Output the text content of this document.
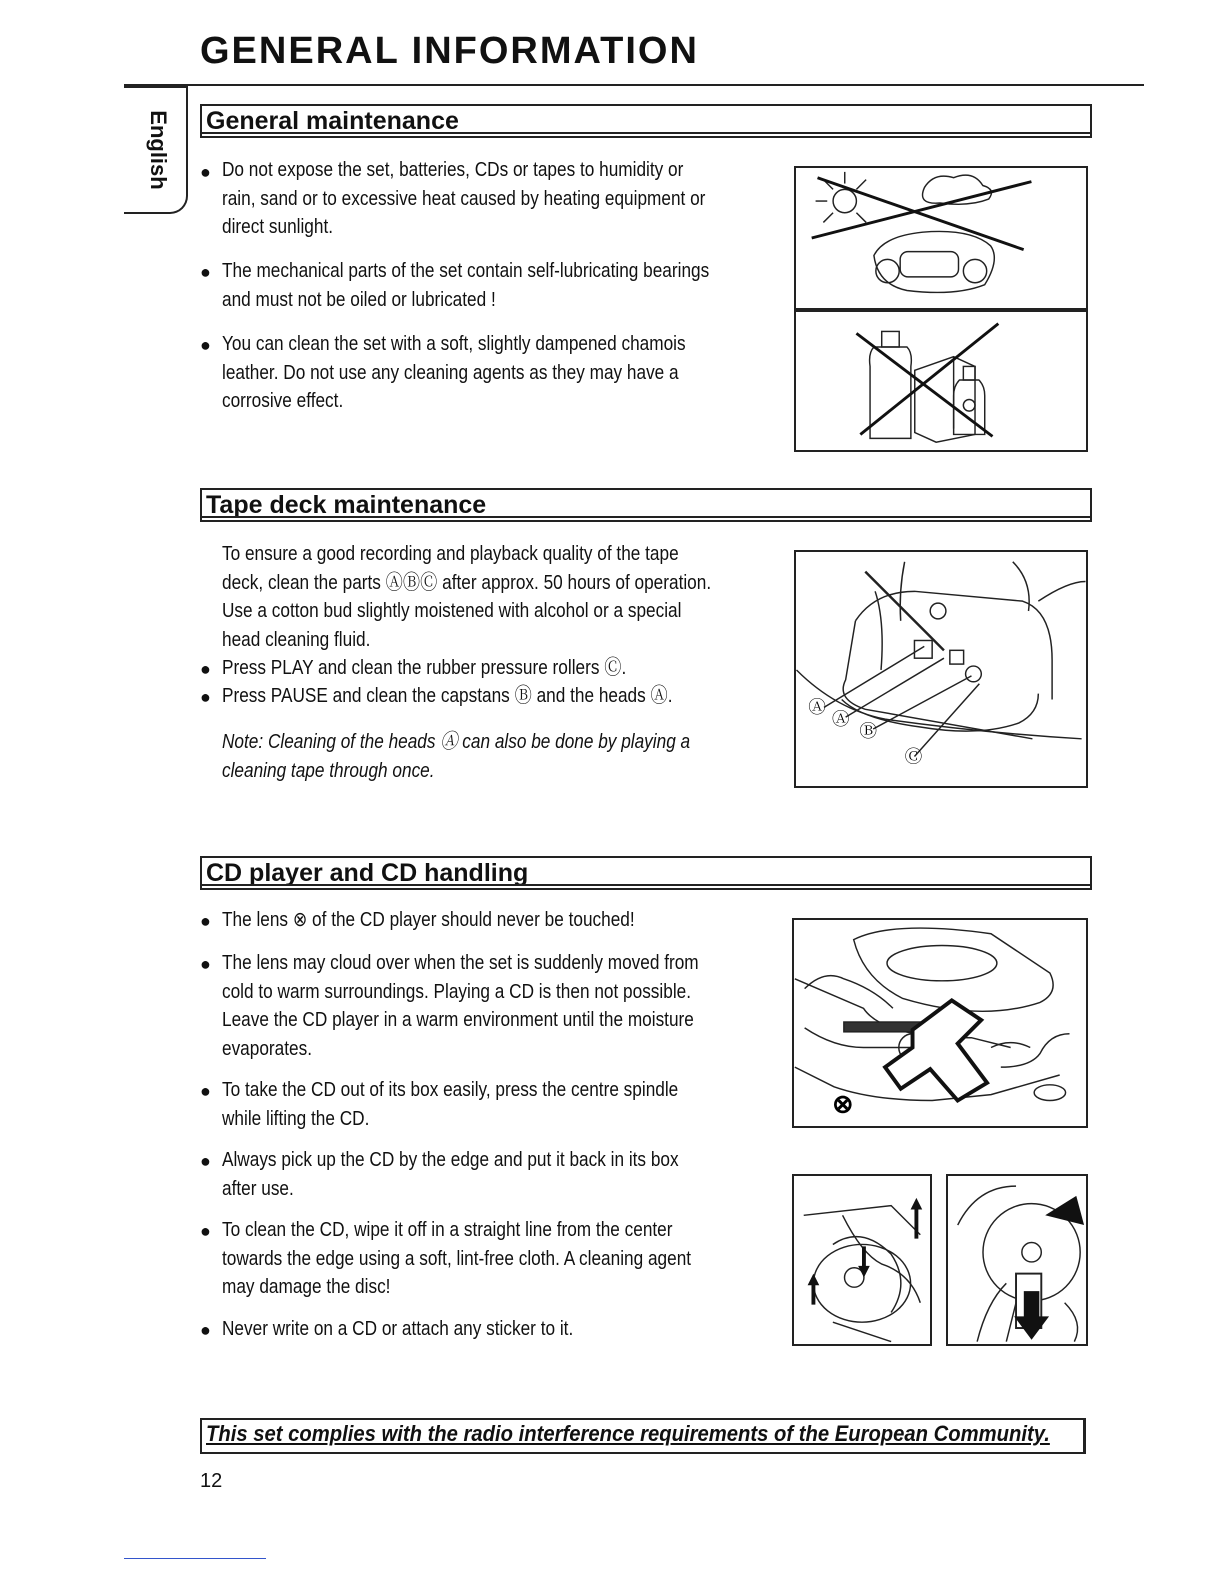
GENERAL INFORMATION
English General maintenance
● Do not expose the set, batteries, CDs or tapes to humidity or
rain, sand or to excessive heat caused by heating equipment or
direct sunlight.
● The mechanical parts of the set contain self-lubricating bearings
and must not be oiled or lubricated !
● You can clean the set with a soft, slightly dampened chamois
leather. Do not use any cleaning agents as they may have a
corrosive effect.
Tape deck maintenance
To ensure a good recording and playback quality of the tape
deck, clean the parts ⒶⒷⒸ after approx. 50 hours of operation.
Use a cotton bud slightly moistened with alcohol or a special
head cleaning fluid.
● Press PLAY and clean the rubber pressure rollers Ⓒ.
● Press PAUSE and clean the capstans Ⓑ and the heads Ⓐ.
Note: Cleaning of the heads Ⓐ can also be done by playing a
cleaning tape through once.
Ⓐ
Ⓐ
Ⓑ
Ⓒ
CD player and CD handling
● The lens ⊗ of the CD player should never be touched!
● The lens may cloud over when the set is suddenly moved from
cold to warm surroundings. Playing a CD is then not possible.
Leave the CD player in a warm environment until the moisture
evaporates.
● To take the CD out of its box easily, press the centre spindle
while lifting the CD.
● Always pick up the CD by the edge and put it back in its box
after use.
● To clean the CD, wipe it off in a straight line from the center
towards the edge using a soft, lint-free cloth. A cleaning agent
may damage the disc!
● Never write on a CD or attach any sticker to it.
⊗
This set complies with the radio interference requirements of the European Community.
12
